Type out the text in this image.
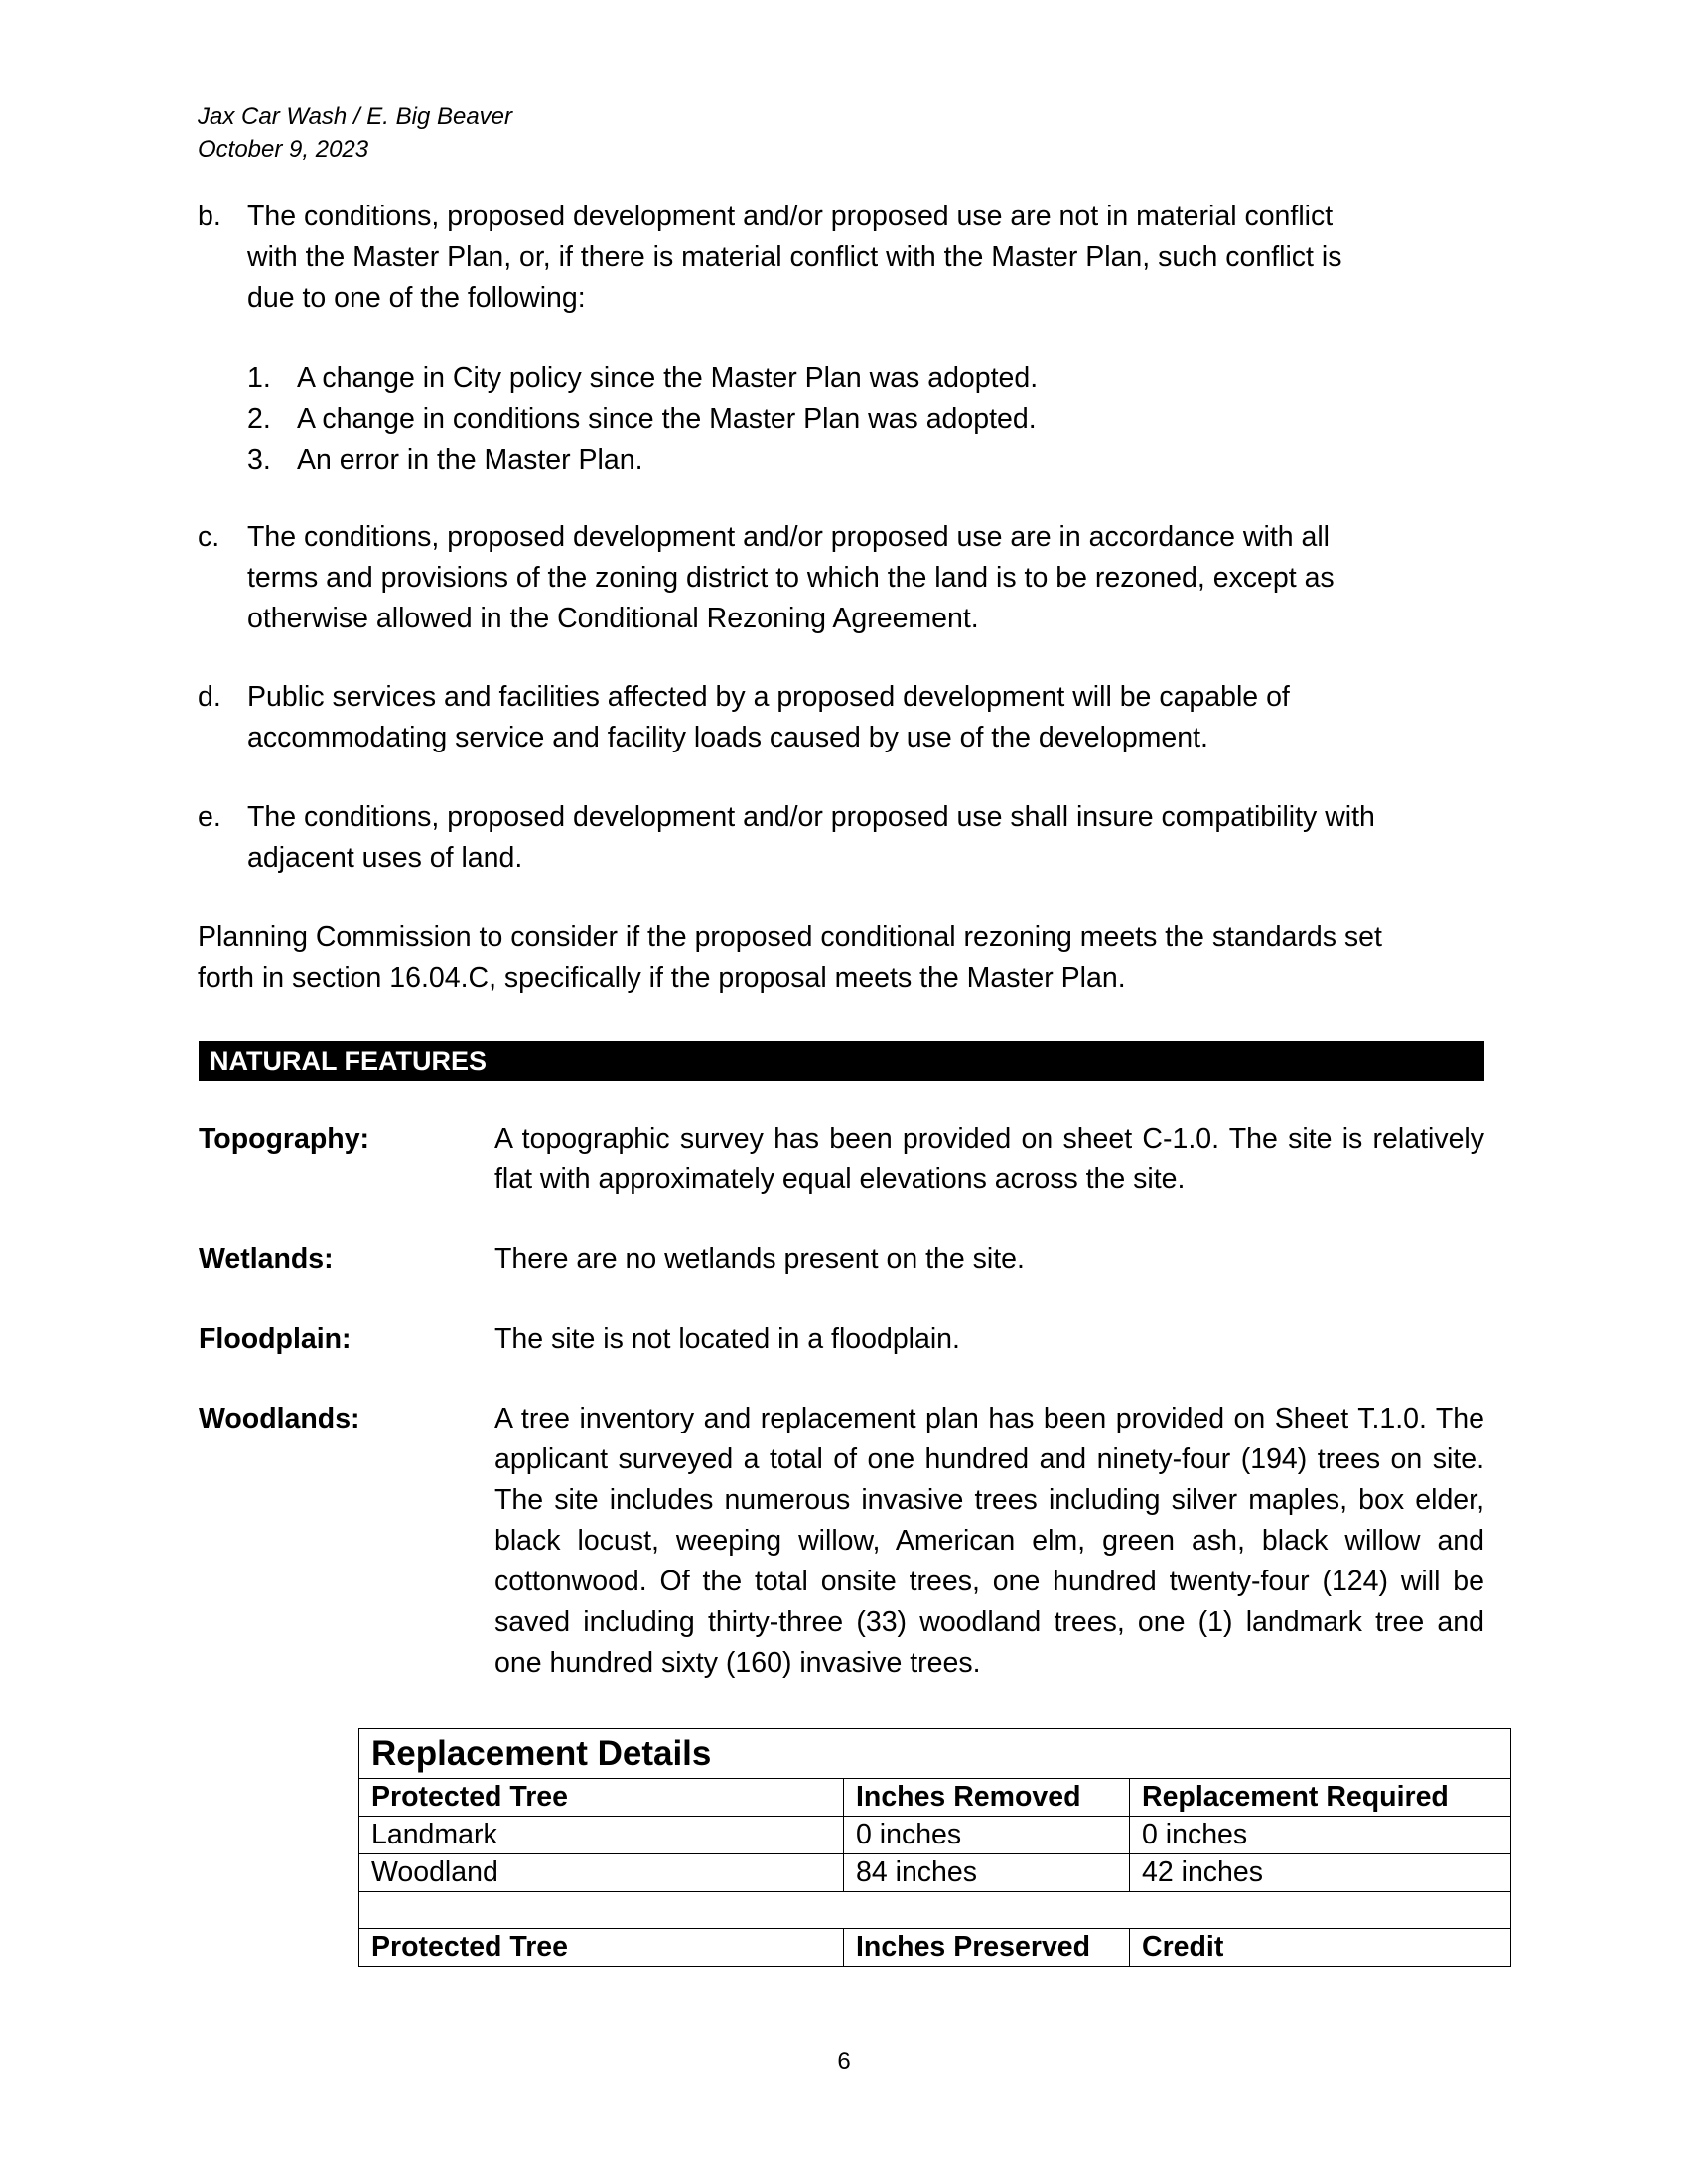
Jax Car Wash / E. Big Beaver
October 9, 2023
b. The conditions, proposed development and/or proposed use are not in material conflict
with the Master Plan, or, if there is material conflict with the Master Plan, such conflict is
due to one of the following:
1. A change in City policy since the Master Plan was adopted.
2. A change in conditions since the Master Plan was adopted.
3. An error in the Master Plan.
c. The conditions, proposed development and/or proposed use are in accordance with all
terms and provisions of the zoning district to which the land is to be rezoned, except as
otherwise allowed in the Conditional Rezoning Agreement.
d. Public services and facilities affected by a proposed development will be capable of
accommodating service and facility loads caused by use of the development.
e. The conditions, proposed development and/or proposed use shall insure compatibility with
adjacent uses of land.
Planning Commission to consider if the proposed conditional rezoning meets the standards set
forth in section 16.04.C, specifically if the proposal meets the Master Plan.
NATURAL FEATURES
Topography:	A topographic survey has been provided on sheet C-1.0. The site is relatively flat with approximately equal elevations across the site.
Wetlands:	There are no wetlands present on the site.
Floodplain:	The site is not located in a floodplain.
Woodlands:	A tree inventory and replacement plan has been provided on Sheet T.1.0. The applicant surveyed a total of one hundred and ninety-four (194) trees on site. The site includes numerous invasive trees including silver maples, box elder, black locust, weeping willow, American elm, green ash, black willow and cottonwood. Of the total onsite trees, one hundred twenty-four (124) will be saved including thirty-three (33) woodland trees, one (1) landmark tree and one hundred sixty (160) invasive trees.
Replacement Details		
Protected Tree	Inches Removed	Replacement Required
Landmark	0 inches	0 inches
Woodland	84 inches	42 inches

Protected Tree	Inches Preserved	Credit
6
